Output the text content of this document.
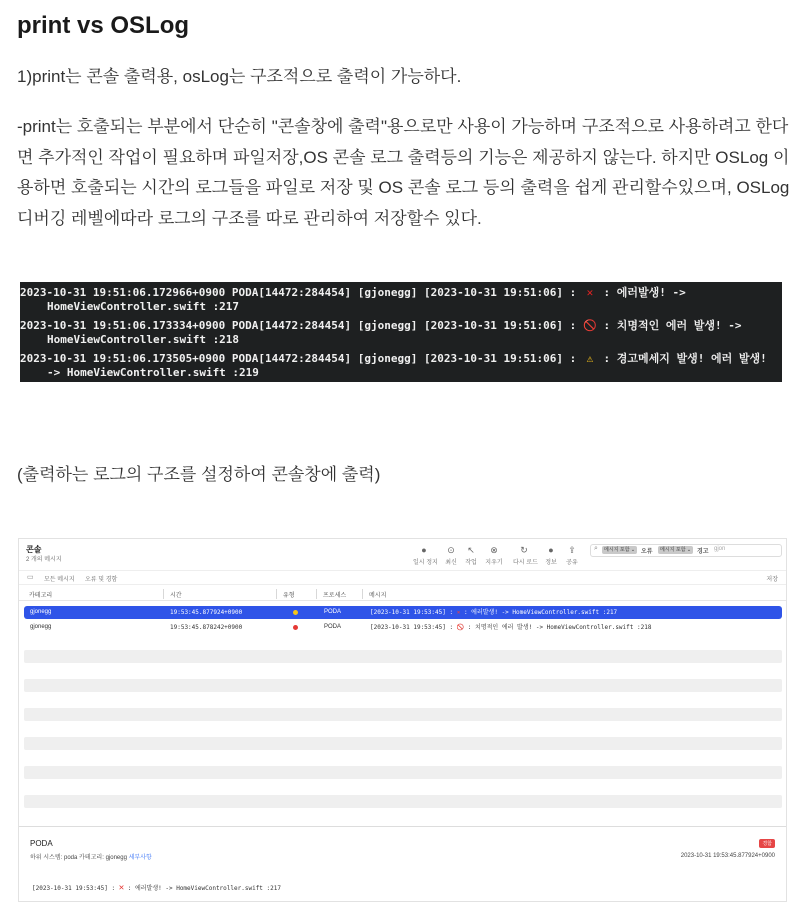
print vs OSLog
1)print는 콘솔 출력용, osLog는 구조적으로 출력이 가능하다.
-print는 호출되는 부분에서 단순히 "콘솔창에 출력"용으로만 사용이 가능하며 구조적으로 사용하려고 한다면 추가적인 작업이 필요하며 파일저장,OS 콘솔 로그 출력등의 기능은 제공하지 않는다. 하지만 OSLog 이용하면 호출되는 시간의 로그들을 파일로 저장 및 OS 콘솔 로그 등의 출력을 쉽게 관리할수있으며, OSLog 디버깅 레벨에따라 로그의 구조를 따로 관리하여 저장할수 있다.
2023-10-31 19:51:06.172966+0900 PODA[14472:284454] [gjonegg] [2023-10-31 19:51:06] : ✕ : 에러발생! ->
HomeViewController.swift :217
2023-10-31 19:51:06.173334+0900 PODA[14472:284454] [gjonegg] [2023-10-31 19:51:06] : 🚫 : 치명적인 에러 발생! ->
HomeViewController.swift :218
2023-10-31 19:51:06.173505+0900 PODA[14472:284454] [gjonegg] [2023-10-31 19:51:06] : ⚠ : 경고메세지 발생! 에러 발생!
-> HomeViewController.swift :219
(출력하는 로그의 구조를 설정하여 콘솔창에 출력)
콘솔
2 개의 메시지
●
일시 정지
⊙
최신
↖
작업
⊗
지우기
↻
다시 로드
●
정보
⇪
공유
⌕	메시지 포함 ⌄ 오류	메시지 포함 ⌄ 경고 gjon
▭ 모든 메시지 오류 및 경함	저장
카테고리	시간	유형	프로세스	메시지
gjonegg	19:53:45.877924+0900	PODA	[2023-10-31 19:53:45] : ✕ : 에러발생! -> HomeViewController.swift :217
gjonegg	19:53:45.878242+0900	PODA	[2023-10-31 19:53:45] : 🚫 : 치명적인 에러 발생! -> HomeViewController.swift :218
PODA
하위 시스템: poda 카테고리: gjonegg 세부사항
경함
2023-10-31 19:53:45.877924+0900
[2023-10-31 19:53:45] : ✕ : 에러발생! -> HomeViewController.swift :217
